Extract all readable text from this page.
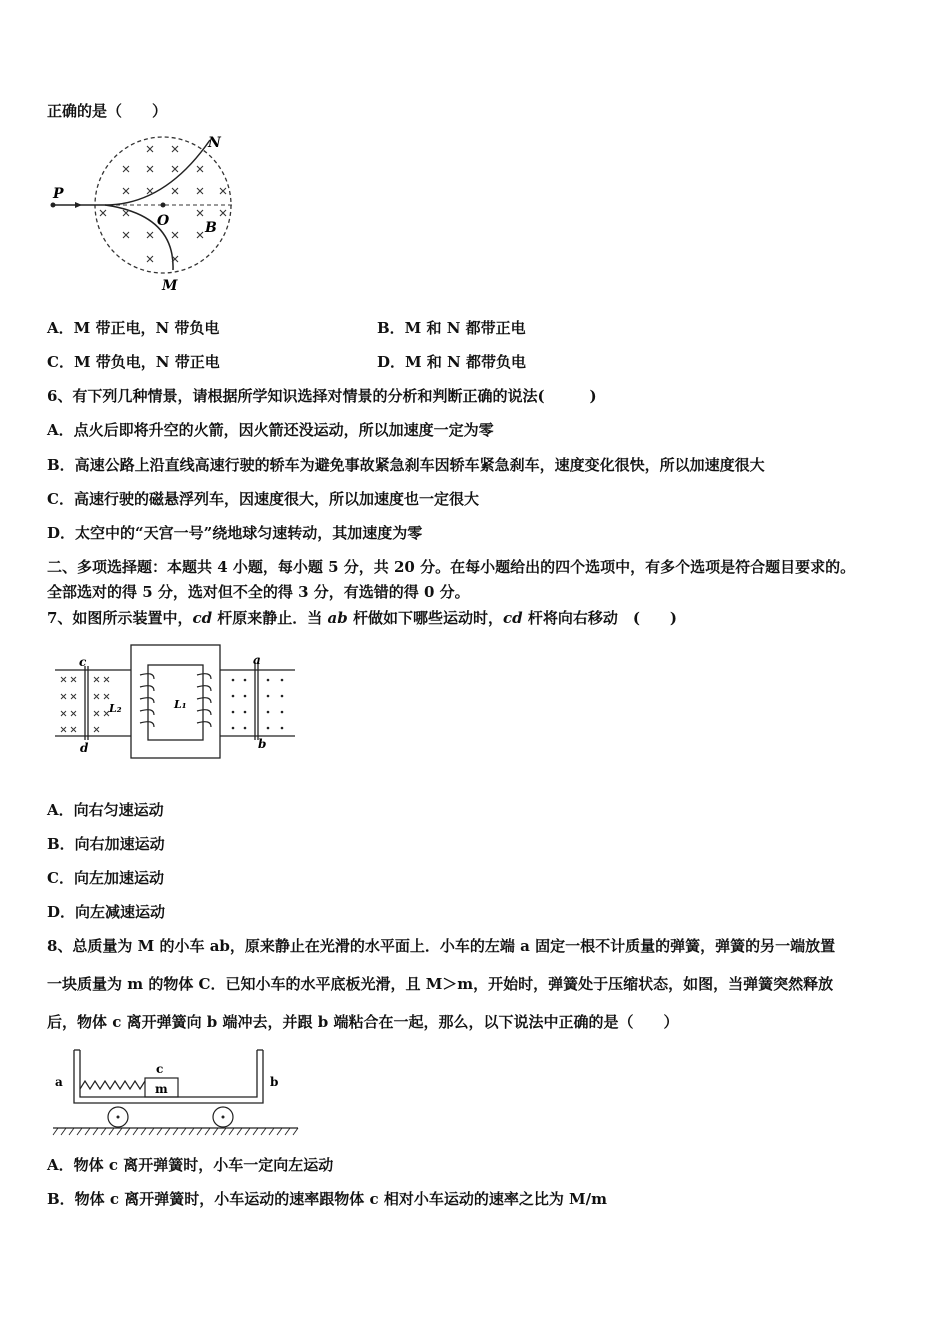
正确的是（　　）
P
N
O	B
M
A．M 带正电，N 带负电	B．M 和 N 都带正电
C．M 带负电，N 带正电	D．M 和 N 都带负电
6、有下列几种情景，请根据所学知识选择对情景的分析和判断正确的说法(　　　)
A．点火后即将升空的火箭，因火箭还没运动，所以加速度一定为零
B．高速公路上沿直线高速行驶的轿车为避免事故紧急刹车因轿车紧急刹车，速度变化很快，所以加速度很大
C．高速行驶的磁悬浮列车，因速度很大，所以加速度也一定很大
D．太空中的“天宫一号”绕地球匀速转动，其加速度为零
二、多项选择题：本题共 4 小题，每小题 5 分，共 20 分。在每小题给出的四个选项中，有多个选项是符合题目要求的。
全部选对的得 5 分，选对但不全的得 3 分，有选错的得 0 分。
7、如图所示装置中，cd 杆原来静止．当 ab 杆做如下哪些运动时，cd 杆将向右移动　(　　)
c
d
a
b
L₂	L₁
A．向右匀速运动
B．向右加速运动
C．向左加速运动
D．向左减速运动
8、总质量为 M 的小车 ab，原来静止在光滑的水平面上．小车的左端 a 固定一根不计质量的弹簧，弹簧的另一端放置
一块质量为 m 的物体 C．已知小车的水平底板光滑，且 M＞m，开始时，弹簧处于压缩状态，如图，当弹簧突然释放
后，物体 c 离开弹簧向 b 端冲去，并跟 b 端粘合在一起，那么，以下说法中正确的是（　　）
a	b
c
m
A．物体 c 离开弹簧时，小车一定向左运动
B．物体 c 离开弹簧时，小车运动的速率跟物体 c 相对小车运动的速率之比为 M/m
